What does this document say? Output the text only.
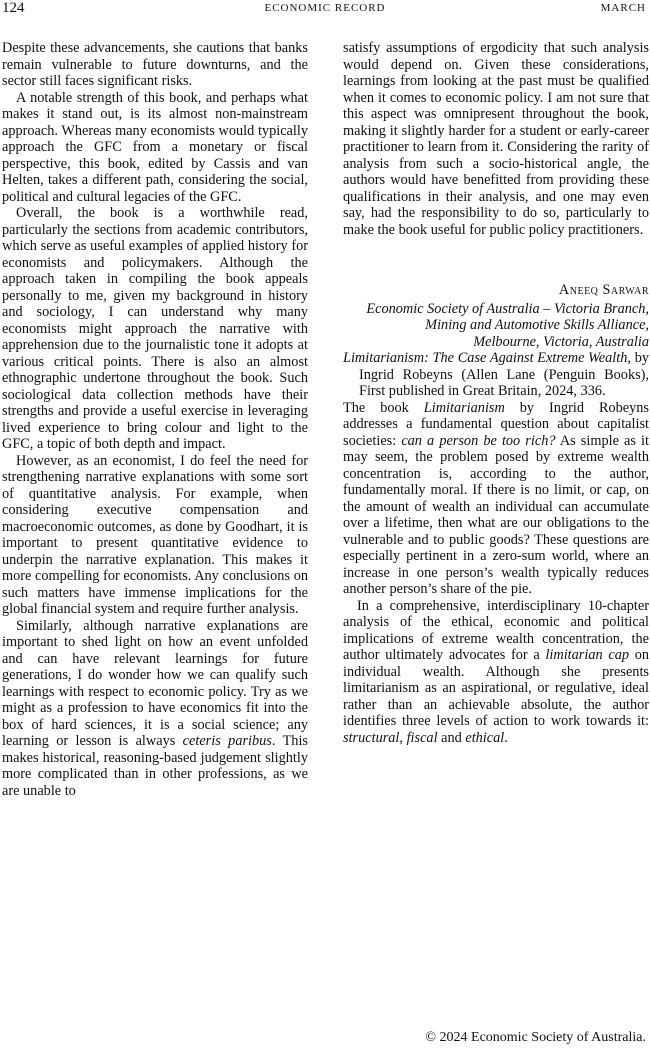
124	ECONOMIC RECORD	MARCH

Despite these advancements, she cautions that banks remain vulnerable to future downturns, and the sector still faces significant risks.

A notable strength of this book, and perhaps what makes it stand out, is its almost non-mainstream approach. Whereas many economists would typically approach the GFC from a monetary or fiscal perspective, this book, edited by Cassis and van Helten, takes a different path, considering the social, political and cultural legacies of the GFC.

Overall, the book is a worthwhile read, particularly the sections from academic contributors, which serve as useful examples of applied history for economists and policymakers. Although the approach taken in compiling the book appeals personally to me, given my background in history and sociology, I can understand why many economists might approach the narrative with apprehension due to the journalistic tone it adopts at various critical points. There is also an almost ethnographic undertone throughout the book. Such sociological data collection methods have their strengths and provide a useful exercise in leveraging lived experience to bring colour and light to the GFC, a topic of both depth and impact.

However, as an economist, I do feel the need for strengthening narrative explanations with some sort of quantitative analysis. For example, when considering executive compensation and macroeconomic outcomes, as done by Goodhart, it is important to present quantitative evidence to underpin the narrative explanation. This makes it more compelling for economists. Any conclusions on such matters have immense implications for the global financial system and require further analysis.

Similarly, although narrative explanations are important to shed light on how an event unfolded and can have relevant learnings for future generations, I do wonder how we can qualify such learnings with respect to economic policy. Try as we might as a profession to have economics fit into the box of hard sciences, it is a social science; any learning or lesson is always ceteris paribus. This makes historical, reasoning-based judgement slightly more complicated than in other professions, as we are unable to

satisfy assumptions of ergodicity that such analysis would depend on. Given these considerations, learnings from looking at the past must be qualified when it comes to economic policy. I am not sure that this aspect was omnipresent throughout the book, making it slightly harder for a student or early-career practitioner to learn from it. Considering the rarity of analysis from such a socio-historical angle, the authors would have benefitted from providing these qualifications in their analysis, and one may even say, had the responsibility to do so, particularly to make the book useful for public policy practitioners.

Aneeq Sarwar
Economic Society of Australia – Victoria Branch, Mining and Automotive Skills Alliance, Melbourne, Victoria, Australia

Limitarianism: The Case Against Extreme Wealth, by Ingrid Robeyns (Allen Lane (Penguin Books), First published in Great Britain, 2024, 336.

The book Limitarianism by Ingrid Robeyns addresses a fundamental question about capitalist societies: can a person be too rich? As simple as it may seem, the problem posed by extreme wealth concentration is, according to the author, fundamentally moral. If there is no limit, or cap, on the amount of wealth an individual can accumulate over a lifetime, then what are our obligations to the vulnerable and to public goods? These questions are especially pertinent in a zero-sum world, where an increase in one person’s wealth typically reduces another person’s share of the pie.

In a comprehensive, interdisciplinary 10-chapter analysis of the ethical, economic and political implications of extreme wealth concentration, the author ultimately advocates for a limitarian cap on individual wealth. Although she presents limitarianism as an aspirational, or regulative, ideal rather than an achievable absolute, the author identifies three levels of action to work towards it: structural, fiscal and ethical.

© 2024 Economic Society of Australia.
